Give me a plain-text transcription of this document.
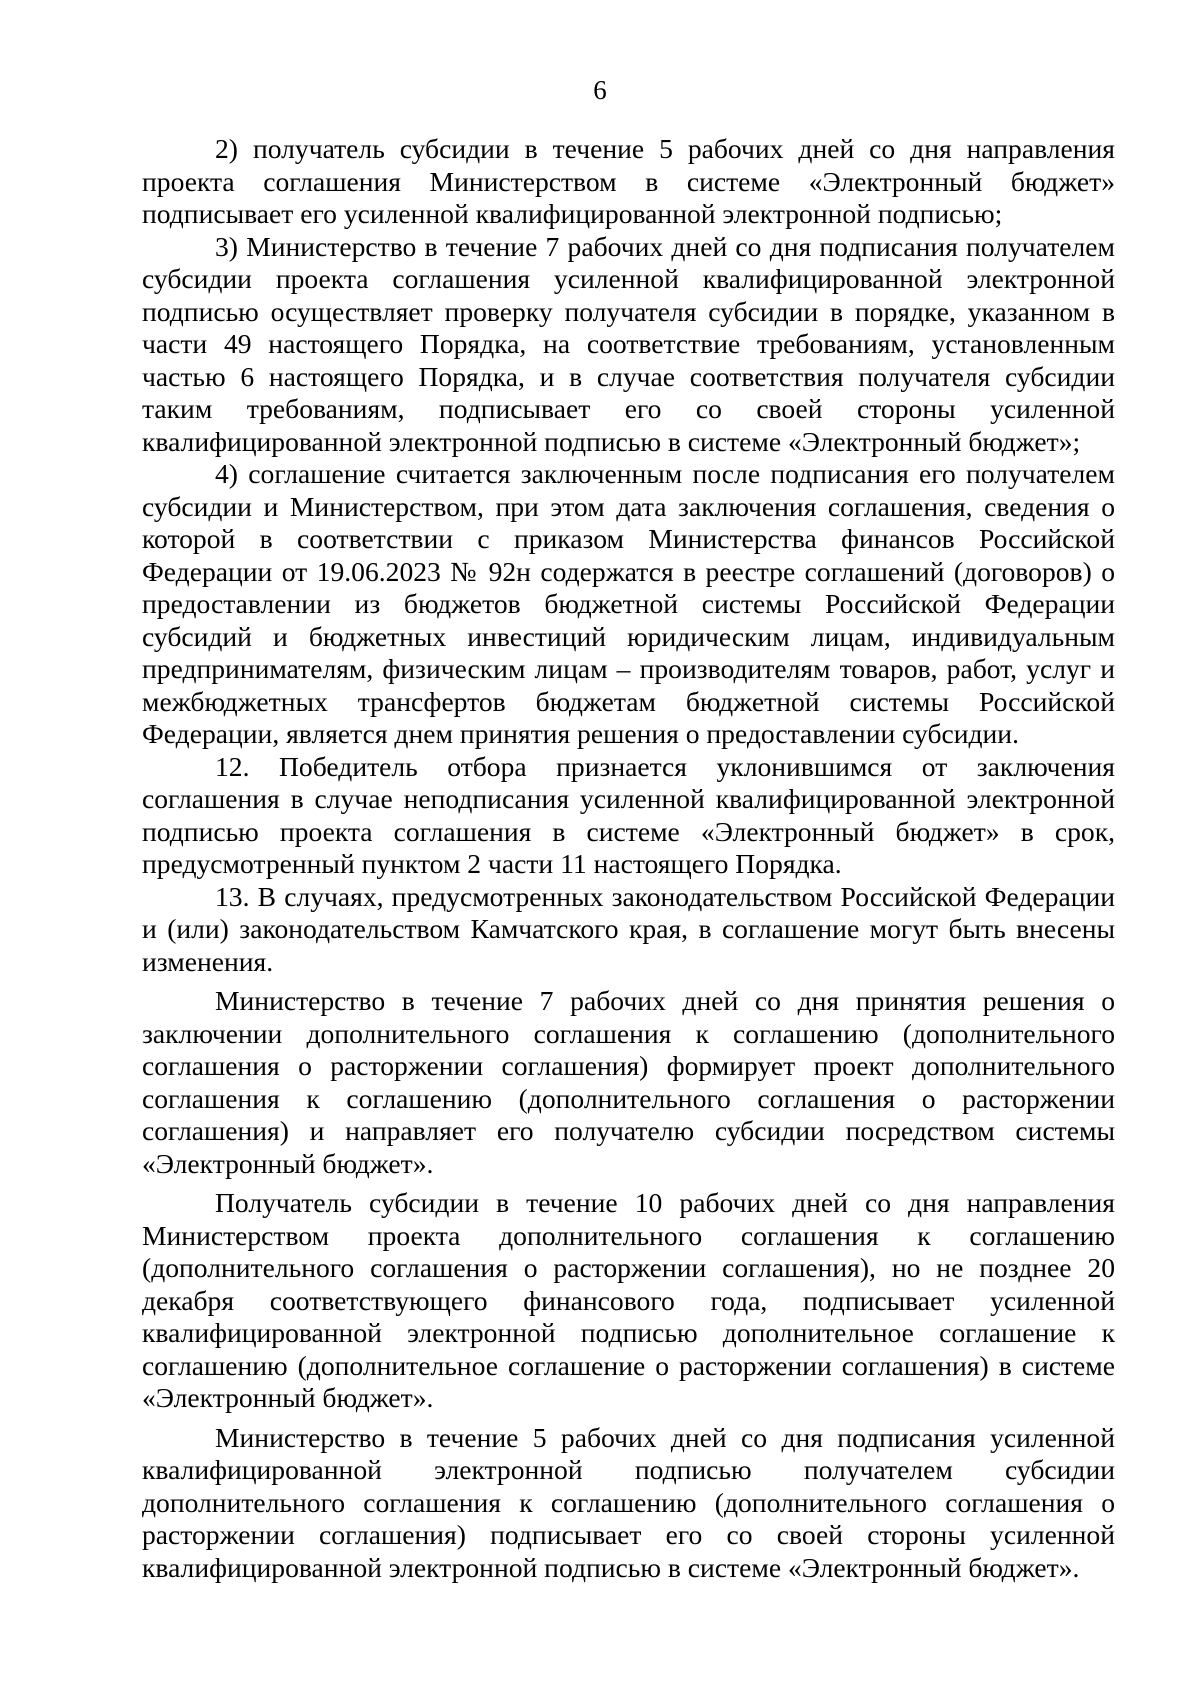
6

2) получатель субсидии в течение 5 рабочих дней со дня направления проекта соглашения Министерством в системе «Электронный бюджет» подписывает его усиленной квалифицированной электронной подписью;

3) Министерство в течение 7 рабочих дней со дня подписания получателем субсидии проекта соглашения усиленной квалифицированной электронной подписью осуществляет проверку получателя субсидии в порядке, указанном в части 49 настоящего Порядка, на соответствие требованиям, установленным частью 6 настоящего Порядка, и в случае соответствия получателя субсидии таким требованиям, подписывает его со своей стороны усиленной квалифицированной электронной подписью в системе «Электронный бюджет»;

4) соглашение считается заключенным после подписания его получателем субсидии и Министерством, при этом дата заключения соглашения, сведения о которой в соответствии с приказом Министерства финансов Российской Федерации от 19.06.2023 № 92н содержатся в реестре соглашений (договоров) о предоставлении из бюджетов бюджетной системы Российской Федерации субсидий и бюджетных инвестиций юридическим лицам, индивидуальным предпринимателям, физическим лицам – производителям товаров, работ, услуг и межбюджетных трансфертов бюджетам бюджетной системы Российской Федерации, является днем принятия решения о предоставлении субсидии.

12. Победитель отбора признается уклонившимся от заключения соглашения в случае неподписания усиленной квалифицированной электронной подписью проекта соглашения в системе «Электронный бюджет» в срок, предусмотренный пунктом 2 части 11 настоящего Порядка.

13. В случаях, предусмотренных законодательством Российской Федерации и (или) законодательством Камчатского края, в соглашение могут быть внесены изменения.

Министерство в течение 7 рабочих дней со дня принятия решения о заключении дополнительного соглашения к соглашению (дополнительного соглашения о расторжении соглашения) формирует проект дополнительного соглашения к соглашению (дополнительного соглашения о расторжении соглашения) и направляет его получателю субсидии посредством системы «Электронный бюджет».

Получатель субсидии в течение 10 рабочих дней со дня направления Министерством проекта дополнительного соглашения к соглашению (дополнительного соглашения о расторжении соглашения), но не позднее 20 декабря соответствующего финансового года, подписывает усиленной квалифицированной электронной подписью дополнительное соглашение к соглашению (дополнительное соглашение о расторжении соглашения) в системе «Электронный бюджет».

Министерство в течение 5 рабочих дней со дня подписания усиленной квалифицированной электронной подписью получателем субсидии дополнительного соглашения к соглашению (дополнительного соглашения о расторжении соглашения) подписывает его со своей стороны усиленной квалифицированной электронной подписью в системе «Электронный бюджет».
